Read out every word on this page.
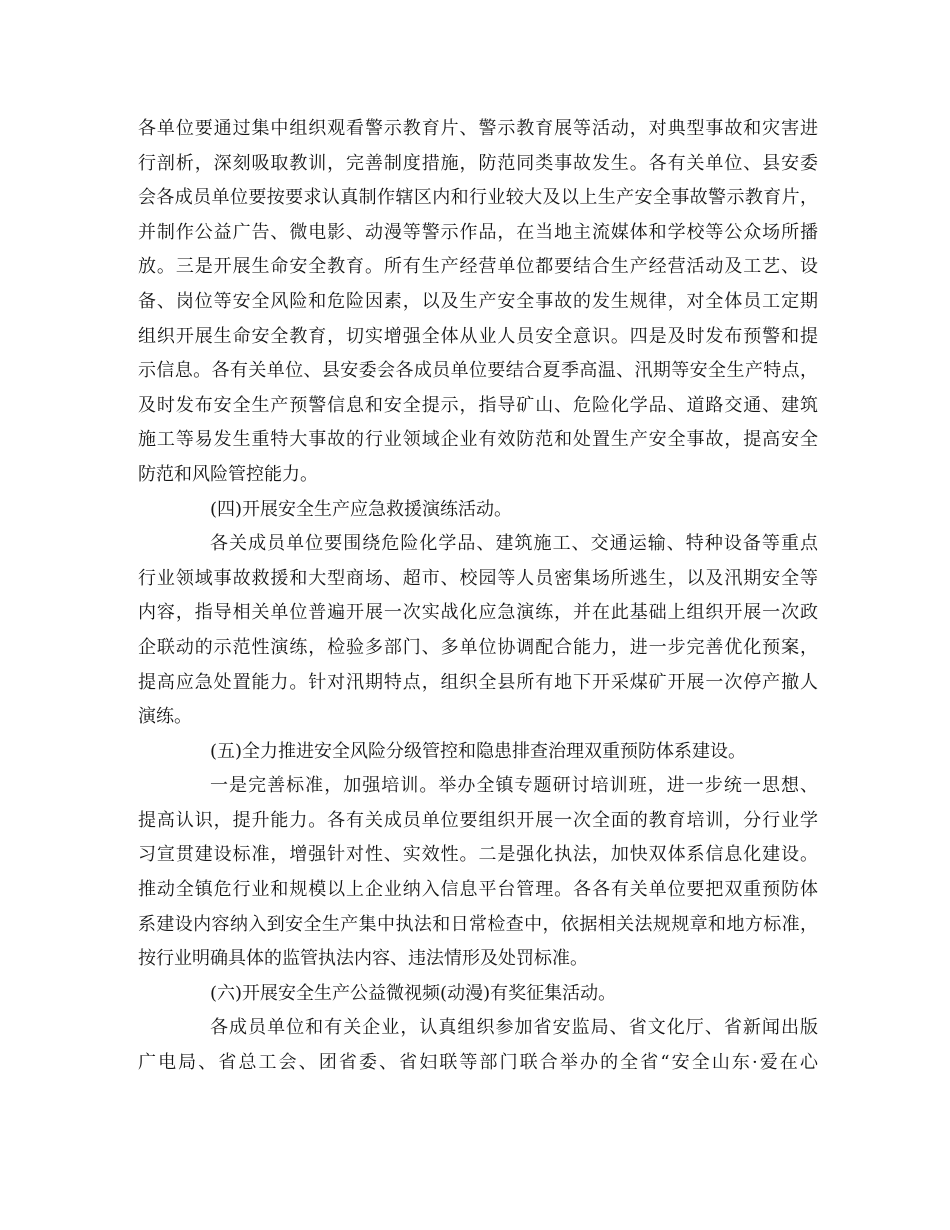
各单位要通过集中组织观看警示教育片、警示教育展等活动，对典型事故和灾害进
行剖析，深刻吸取教训，完善制度措施，防范同类事故发生。各有关单位、县安委
会各成员单位要按要求认真制作辖区内和行业较大及以上生产安全事故警示教育片，
并制作公益广告、微电影、动漫等警示作品，在当地主流媒体和学校等公众场所播
放。三是开展生命安全教育。所有生产经营单位都要结合生产经营活动及工艺、设
备、岗位等安全风险和危险因素，以及生产安全事故的发生规律，对全体员工定期
组织开展生命安全教育，切实增强全体从业人员安全意识。四是及时发布预警和提
示信息。各有关单位、县安委会各成员单位要结合夏季高温、汛期等安全生产特点，
及时发布安全生产预警信息和安全提示，指导矿山、危险化学品、道路交通、建筑
施工等易发生重特大事故的行业领域企业有效防范和处置生产安全事故，提高安全
防范和风险管控能力。
(四)开展安全生产应急救援演练活动。
各关成员单位要围绕危险化学品、建筑施工、交通运输、特种设备等重点
行业领域事故救援和大型商场、超市、校园等人员密集场所逃生，以及汛期安全等
内容，指导相关单位普遍开展一次实战化应急演练，并在此基础上组织开展一次政
企联动的示范性演练，检验多部门、多单位协调配合能力，进一步完善优化预案，
提高应急处置能力。针对汛期特点，组织全县所有地下开采煤矿开展一次停产撤人
演练。
(五)全力推进安全风险分级管控和隐患排查治理双重预防体系建设。
一是完善标准，加强培训。举办全镇专题研讨培训班，进一步统一思想、
提高认识，提升能力。各有关成员单位要组织开展一次全面的教育培训，分行业学
习宣贯建设标准，增强针对性、实效性。二是强化执法，加快双体系信息化建设。
推动全镇危行业和规模以上企业纳入信息平台管理。各各有关单位要把双重预防体
系建设内容纳入到安全生产集中执法和日常检查中，依据相关法规规章和地方标准，
按行业明确具体的监管执法内容、违法情形及处罚标准。
(六)开展安全生产公益微视频(动漫)有奖征集活动。
各成员单位和有关企业，认真组织参加省安监局、省文化厅、省新闻出版
广电局、省总工会、团省委、省妇联等部门联合举办的全省“安全山东·爱在心
